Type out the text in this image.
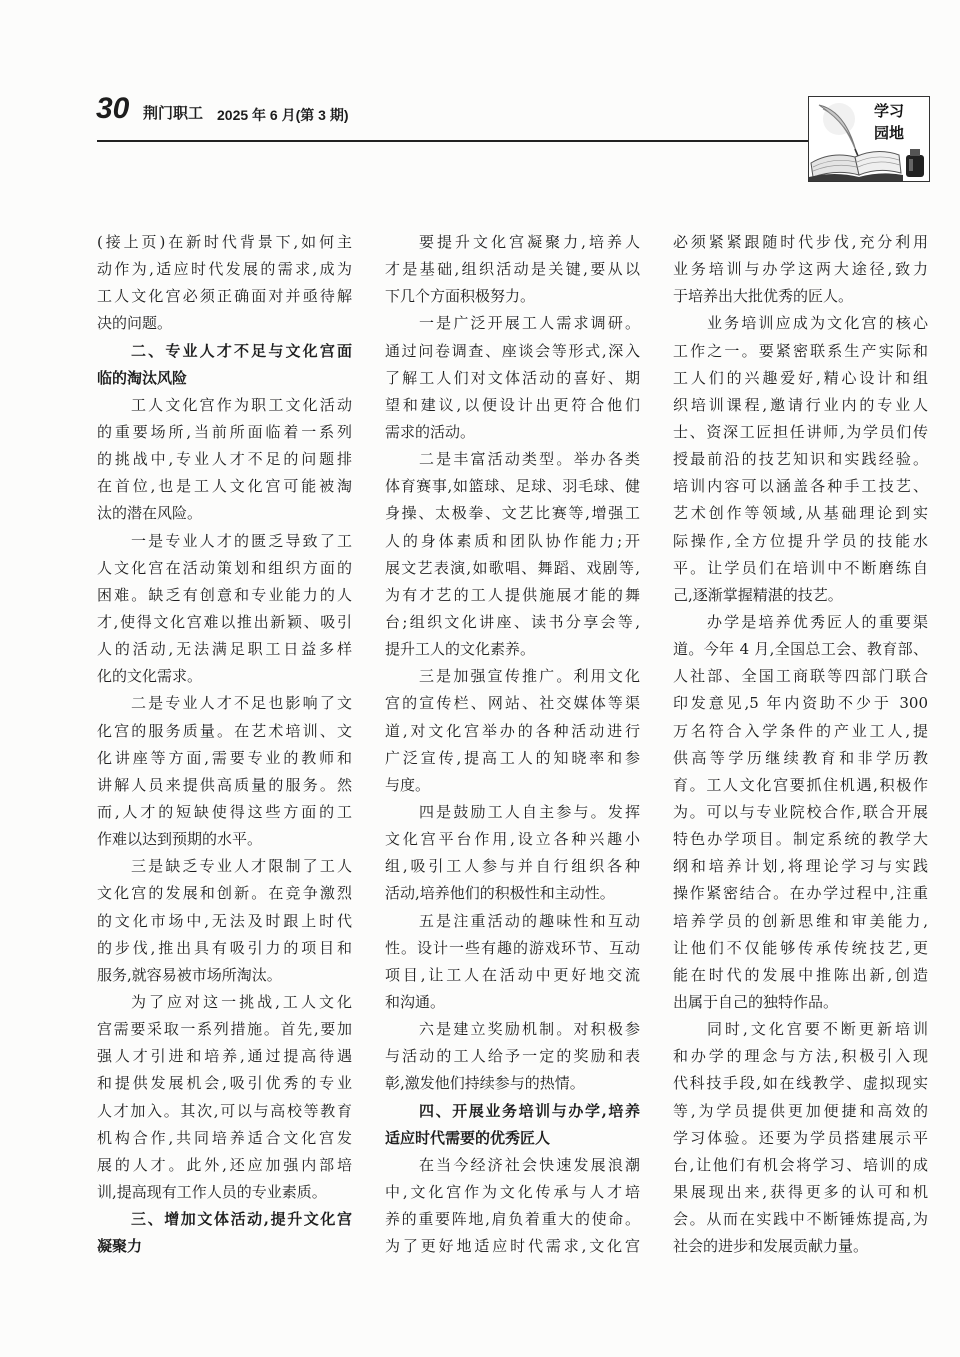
30 荆门职工 2025 年 6 月(第 3 期)	学习
园地
(接上页)在新时代背景下,如何主
动作为,适应时代发展的需求,成为
工人文化宫必须正确面对并亟待解
决的问题。
二、专业人才不足与文化宫面
临的淘汰风险
工人文化宫作为职工文化活动
的重要场所,当前所面临着一系列
的挑战中,专业人才不足的问题排
在首位,也是工人文化宫可能被淘
汰的潜在风险。
一是专业人才的匮乏导致了工
人文化宫在活动策划和组织方面的
困难。缺乏有创意和专业能力的人
才,使得文化宫难以推出新颖、吸引
人的活动,无法满足职工日益多样
化的文化需求。
二是专业人才不足也影响了文
化宫的服务质量。在艺术培训、文
化讲座等方面,需要专业的教师和
讲解人员来提供高质量的服务。然
而,人才的短缺使得这些方面的工
作难以达到预期的水平。
三是缺乏专业人才限制了工人
文化宫的发展和创新。在竞争激烈
的文化市场中,无法及时跟上时代
的步伐,推出具有吸引力的项目和
服务,就容易被市场所淘汰。
为了应对这一挑战,工人文化
宫需要采取一系列措施。首先,要加
强人才引进和培养,通过提高待遇
和提供发展机会,吸引优秀的专业
人才加入。其次,可以与高校等教育
机构合作,共同培养适合文化宫发
展的人才。此外,还应加强内部培
训,提高现有工作人员的专业素质。
三、增加文体活动,提升文化宫
凝聚力
要提升文化宫凝聚力,培养人
才是基础,组织活动是关键,要从以
下几个方面积极努力。
一是广泛开展工人需求调研。
通过问卷调查、座谈会等形式,深入
了解工人们对文体活动的喜好、期
望和建议,以便设计出更符合他们
需求的活动。
二是丰富活动类型。举办各类
体育赛事,如篮球、足球、羽毛球、健
身操、太极拳、文艺比赛等,增强工
人的身体素质和团队协作能力;开
展文艺表演,如歌唱、舞蹈、戏剧等,
为有才艺的工人提供施展才能的舞
台;组织文化讲座、读书分享会等,
提升工人的文化素养。
三是加强宣传推广。利用文化
宫的宣传栏、网站、社交媒体等渠
道,对文化宫举办的各种活动进行
广泛宣传,提高工人的知晓率和参
与度。
四是鼓励工人自主参与。发挥
文化宫平台作用,设立各种兴趣小
组,吸引工人参与并自行组织各种
活动,培养他们的积极性和主动性。
五是注重活动的趣味性和互动
性。设计一些有趣的游戏环节、互动
项目,让工人在活动中更好地交流
和沟通。
六是建立奖励机制。对积极参
与活动的工人给予一定的奖励和表
彰,激发他们持续参与的热情。
四、开展业务培训与办学,培养
适应时代需要的优秀匠人
在当今经济社会快速发展浪潮
中,文化宫作为文化传承与人才培
养的重要阵地,肩负着重大的使命。
为了更好地适应时代需求,文化宫
必须紧紧跟随时代步伐,充分利用
业务培训与办学这两大途径,致力
于培养出大批优秀的匠人。
业务培训应成为文化宫的核心
工作之一。要紧密联系生产实际和
工人们的兴趣爱好,精心设计和组
织培训课程,邀请行业内的专业人
士、资深工匠担任讲师,为学员们传
授最前沿的技艺知识和实践经验。
培训内容可以涵盖各种手工技艺、
艺术创作等领域,从基础理论到实
际操作,全方位提升学员的技能水
平。让学员们在培训中不断磨练自
己,逐渐掌握精湛的技艺。
办学是培养优秀匠人的重要渠
道。今年 4 月,全国总工会、教育部、
人社部、全国工商联等四部门联合
印发意见,5 年内资助不少于 300
万名符合入学条件的产业工人,提
供高等学历继续教育和非学历教
育。工人文化宫要抓住机遇,积极作
为。可以与专业院校合作,联合开展
特色办学项目。制定系统的教学大
纲和培养计划,将理论学习与实践
操作紧密结合。在办学过程中,注重
培养学员的创新思维和审美能力,
让他们不仅能够传承传统技艺,更
能在时代的发展中推陈出新,创造
出属于自己的独特作品。
同时,文化宫要不断更新培训
和办学的理念与方法,积极引入现
代科技手段,如在线教学、虚拟现实
等,为学员提供更加便捷和高效的
学习体验。还要为学员搭建展示平
台,让他们有机会将学习、培训的成
果展现出来,获得更多的认可和机
会。从而在实践中不断锤炼提高,为
社会的进步和发展贡献力量。
